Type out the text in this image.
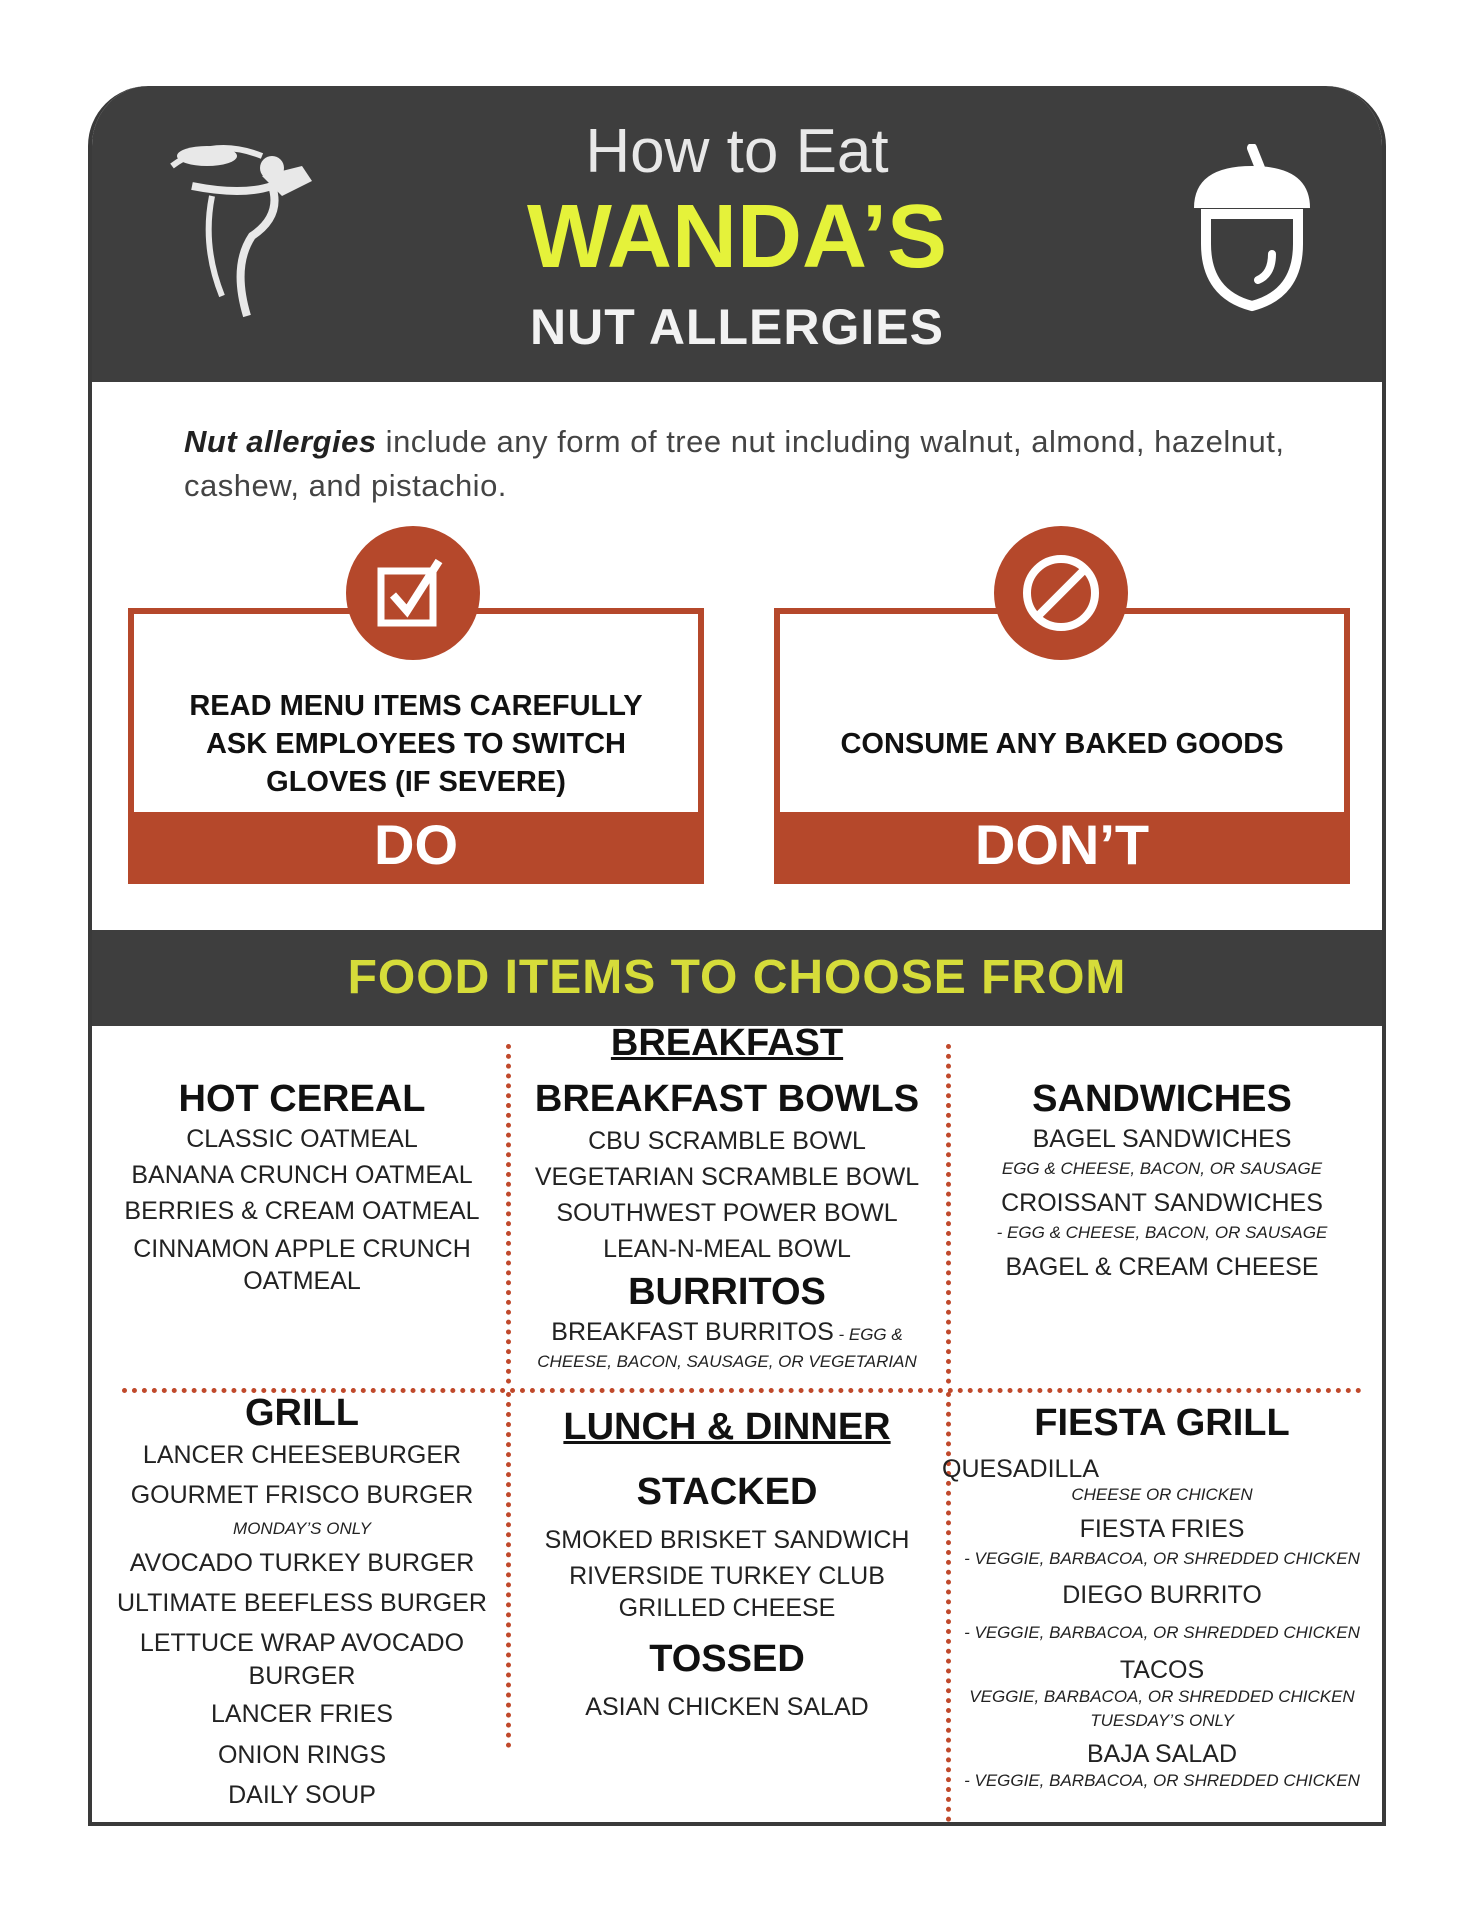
How to Eat
WANDA’S
NUT ALLERGIES
Nut allergies include any form of tree nut including walnut, almond, hazelnut, cashew, and pistachio.
READ MENU ITEMS CAREFULLY
ASK EMPLOYEES TO SWITCH
GLOVES (IF SEVERE)
DO
CONSUME ANY BAKED GOODS
DON’T
FOOD ITEMS TO CHOOSE FROM
BREAKFAST
HOT CEREAL
CLASSIC OATMEAL
BANANA CRUNCH OATMEAL
BERRIES & CREAM OATMEAL
CINNAMON APPLE CRUNCH
OATMEAL
BREAKFAST BOWLS
CBU SCRAMBLE BOWL
VEGETARIAN SCRAMBLE BOWL
SOUTHWEST POWER BOWL
LEAN-N-MEAL BOWL
BURRITOS
BREAKFAST BURRITOS - EGG &
CHEESE, BACON, SAUSAGE, OR VEGETARIAN
SANDWICHES
BAGEL SANDWICHES
EGG & CHEESE, BACON, OR SAUSAGE
CROISSANT SANDWICHES
- EGG & CHEESE, BACON, OR SAUSAGE
BAGEL & CREAM CHEESE
GRILL
LANCER CHEESEBURGER
GOURMET FRISCO BURGER
MONDAY’S ONLY
AVOCADO TURKEY BURGER
ULTIMATE BEEFLESS BURGER
LETTUCE WRAP AVOCADO
BURGER
LANCER FRIES
ONION RINGS
DAILY SOUP
LUNCH & DINNER
STACKED
SMOKED BRISKET SANDWICH
RIVERSIDE TURKEY CLUB
GRILLED CHEESE
TOSSED
ASIAN CHICKEN SALAD
FIESTA GRILL
QUESADILLA
CHEESE OR CHICKEN
FIESTA FRIES
- VEGGIE, BARBACOA, OR SHREDDED CHICKEN
DIEGO BURRITO
- VEGGIE, BARBACOA, OR SHREDDED CHICKEN
TACOS
VEGGIE, BARBACOA, OR SHREDDED CHICKEN
TUESDAY’S ONLY
BAJA SALAD
- VEGGIE, BARBACOA, OR SHREDDED CHICKEN
